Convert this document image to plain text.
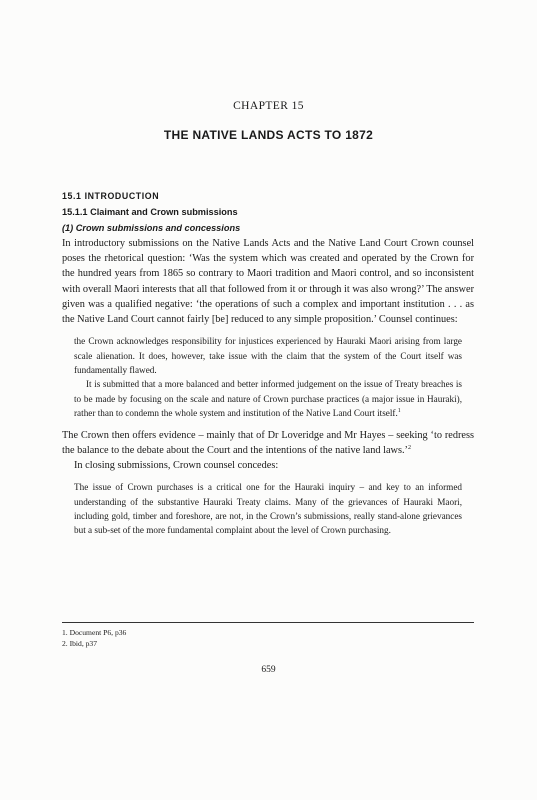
CHAPTER 15
THE NATIVE LANDS ACTS TO 1872
15.1 INTRODUCTION
15.1.1 Claimant and Crown submissions
(1) Crown submissions and concessions

In introductory submissions on the Native Lands Acts and the Native Land Court Crown counsel poses the rhetorical question: ‘Was the system which was created and operated by the Crown for the hundred years from 1865 so contrary to Maori tradition and Maori control, and so inconsistent with overall Maori interests that all that followed from it or through it was also wrong?’ The answer given was a qualified negative: ‘the operations of such a complex and important institution . . . as the Native Land Court cannot fairly [be] reduced to any simple proposition.’ Counsel continues:

the Crown acknowledges responsibility for injustices experienced by Hauraki Maori arising from large scale alienation. It does, however, take issue with the claim that the system of the Court itself was fundamentally flawed.

It is submitted that a more balanced and better informed judgement on the issue of Treaty breaches is to be made by focusing on the scale and nature of Crown purchase practices (a major issue in Hauraki), rather than to condemn the whole system and institution of the Native Land Court itself.$^1$

The Crown then offers evidence – mainly that of Dr Loveridge and Mr Hayes – seeking ‘to redress the balance to the debate about the Court and the intentions of the native land laws.’$^2$

In closing submissions, Crown counsel concedes:

The issue of Crown purchases is a critical one for the Hauraki inquiry – and key to an informed understanding of the substantive Hauraki Treaty claims. Many of the grievances of Hauraki Maori, including gold, timber and foreshore, are not, in the Crown’s submissions, really stand-alone grievances but a sub-set of the more fundamental complaint about the level of Crown purchasing.

1. Document P6, p36
2. Ibid, p37
659
